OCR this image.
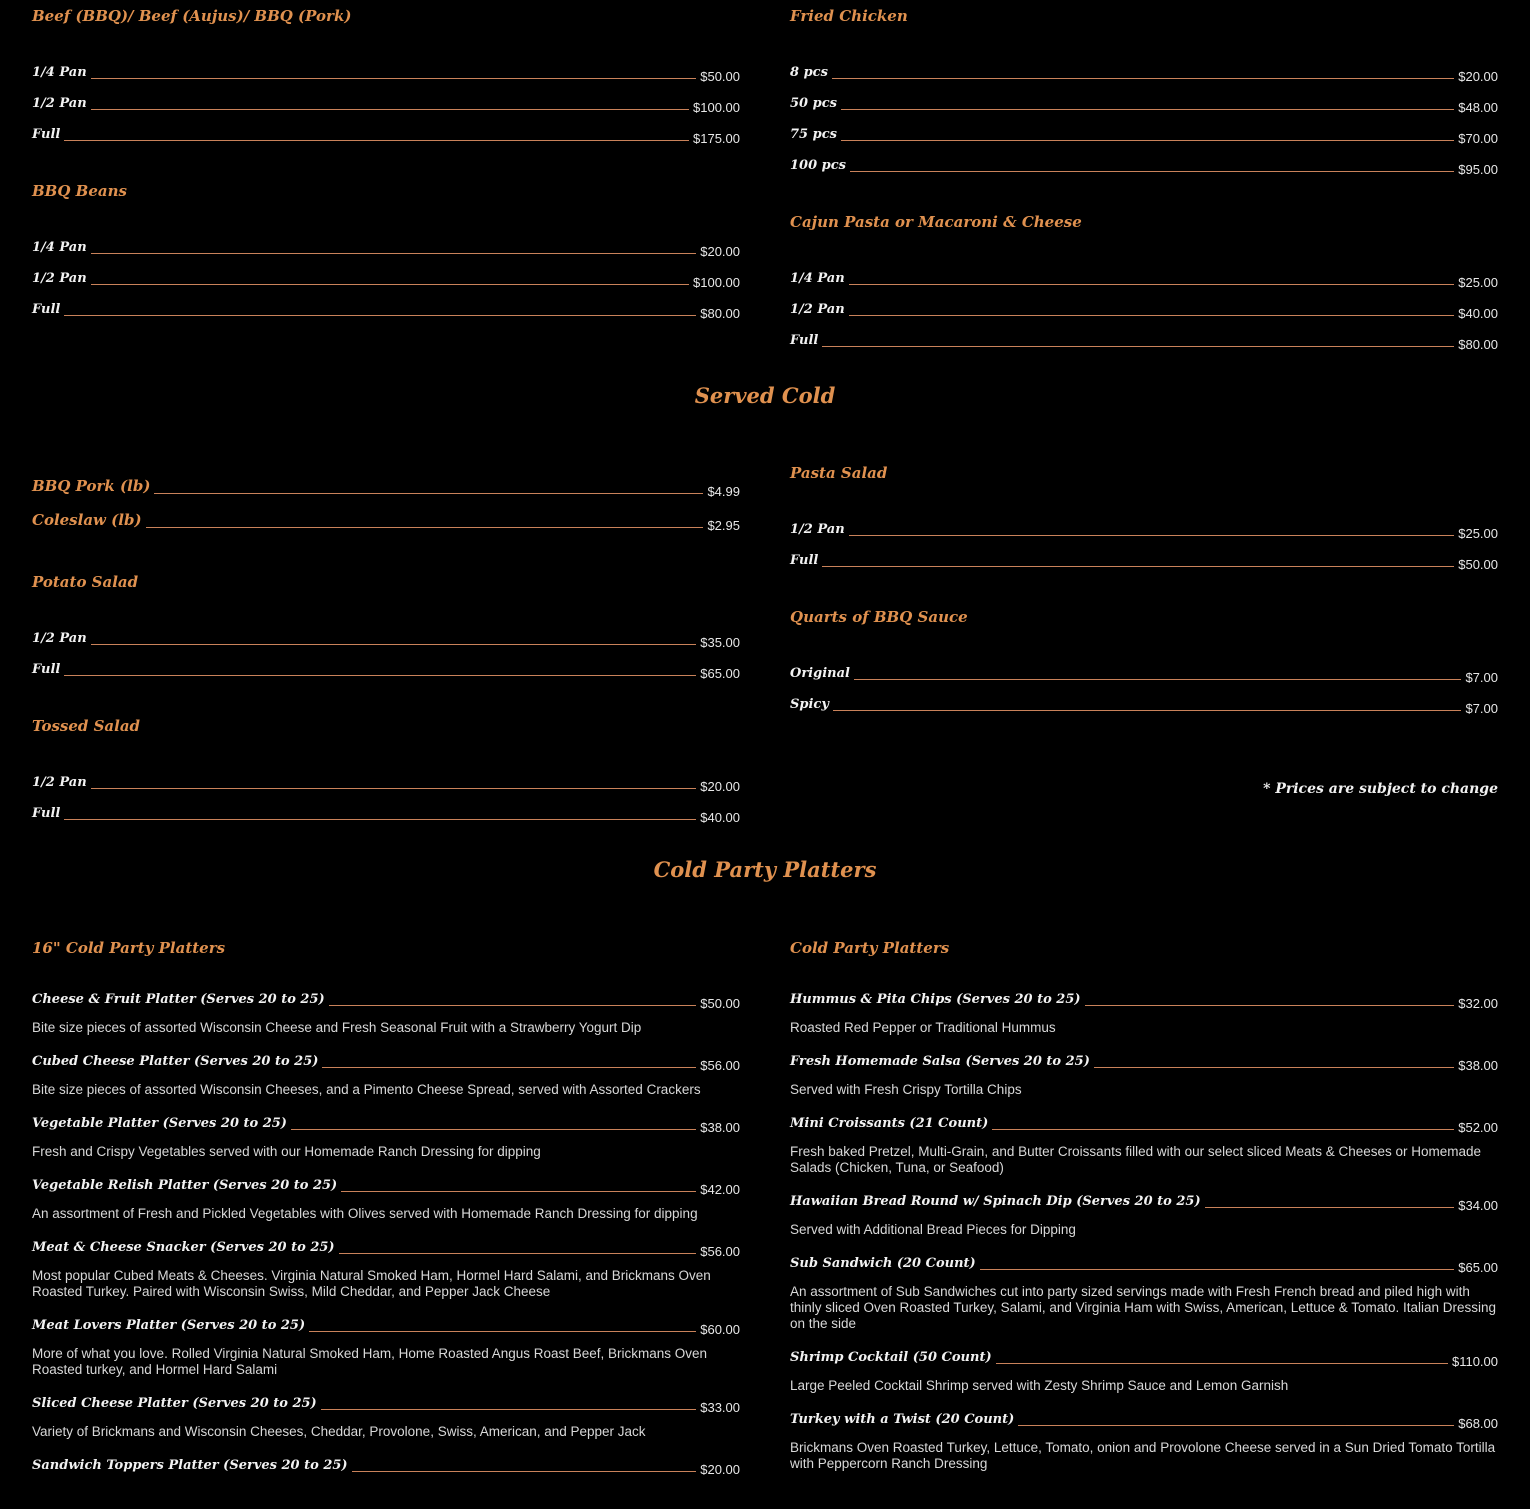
Beef (BBQ)/ Beef (Aujus)/ BBQ (Pork)
1/4 Pan	$50.00
1/2 Pan	$100.00
Full	$175.00
BBQ Beans
1/4 Pan	$20.00
1/2 Pan	$100.00
Full	$80.00
Fried Chicken
8 pcs	$20.00
50 pcs	$48.00
75 pcs	$70.00
100 pcs	$95.00
Cajun Pasta or Macaroni & Cheese
1/4 Pan	$25.00
1/2 Pan	$40.00
Full	$80.00
Served Cold
BBQ Pork (lb)	$4.99
Coleslaw (lb)	$2.95
Potato Salad
1/2 Pan	$35.00
Full	$65.00
Tossed Salad
1/2 Pan	$20.00
Full	$40.00
Pasta Salad
1/2 Pan	$25.00
Full	$50.00
Quarts of BBQ Sauce
Original	$7.00
Spicy	$7.00
* Prices are subject to change
Cold Party Platters
16" Cold Party Platters
Cheese & Fruit Platter (Serves 20 to 25)	$50.00
Bite size pieces of assorted Wisconsin Cheese and Fresh Seasonal Fruit with a Strawberry Yogurt Dip
Cubed Cheese Platter (Serves 20 to 25)	$56.00
Bite size pieces of assorted Wisconsin Cheeses, and a Pimento Cheese Spread, served with Assorted Crackers
Vegetable Platter (Serves 20 to 25)	$38.00
Fresh and Crispy Vegetables served with our Homemade Ranch Dressing for dipping
Vegetable Relish Platter (Serves 20 to 25)	$42.00
An assortment of Fresh and Pickled Vegetables with Olives served with Homemade Ranch Dressing for dipping
Meat & Cheese Snacker (Serves 20 to 25)	$56.00
Most popular Cubed Meats & Cheeses. Virginia Natural Smoked Ham, Hormel Hard Salami, and Brickmans Oven Roasted Turkey. Paired with Wisconsin Swiss, Mild Cheddar, and Pepper Jack Cheese
Meat Lovers Platter (Serves 20 to 25)	$60.00
More of what you love. Rolled Virginia Natural Smoked Ham, Home Roasted Angus Roast Beef, Brickmans Oven Roasted turkey, and Hormel Hard Salami
Sliced Cheese Platter (Serves 20 to 25)	$33.00
Variety of Brickmans and Wisconsin Cheeses, Cheddar, Provolone, Swiss, American, and Pepper Jack
Sandwich Toppers Platter (Serves 20 to 25)	$20.00
Cold Party Platters
Hummus & Pita Chips (Serves 20 to 25)	$32.00
Roasted Red Pepper or Traditional Hummus
Fresh Homemade Salsa (Serves 20 to 25)	$38.00
Served with Fresh Crispy Tortilla Chips
Mini Croissants (21 Count)	$52.00
Fresh baked Pretzel, Multi-Grain, and Butter Croissants filled with our select sliced Meats & Cheeses or Homemade Salads (Chicken, Tuna, or Seafood)
Hawaiian Bread Round w/ Spinach Dip (Serves 20 to 25)	$34.00
Served with Additional Bread Pieces for Dipping
Sub Sandwich (20 Count)	$65.00
An assortment of Sub Sandwiches cut into party sized servings made with Fresh French bread and piled high with thinly sliced Oven Roasted Turkey, Salami, and Virginia Ham with Swiss, American, Lettuce & Tomato. Italian Dressing on the side
Shrimp Cocktail (50 Count)	$110.00
Large Peeled Cocktail Shrimp served with Zesty Shrimp Sauce and Lemon Garnish
Turkey with a Twist (20 Count)	$68.00
Brickmans Oven Roasted Turkey, Lettuce, Tomato, onion and Provolone Cheese served in a Sun Dried Tomato Tortilla with Peppercorn Ranch Dressing
